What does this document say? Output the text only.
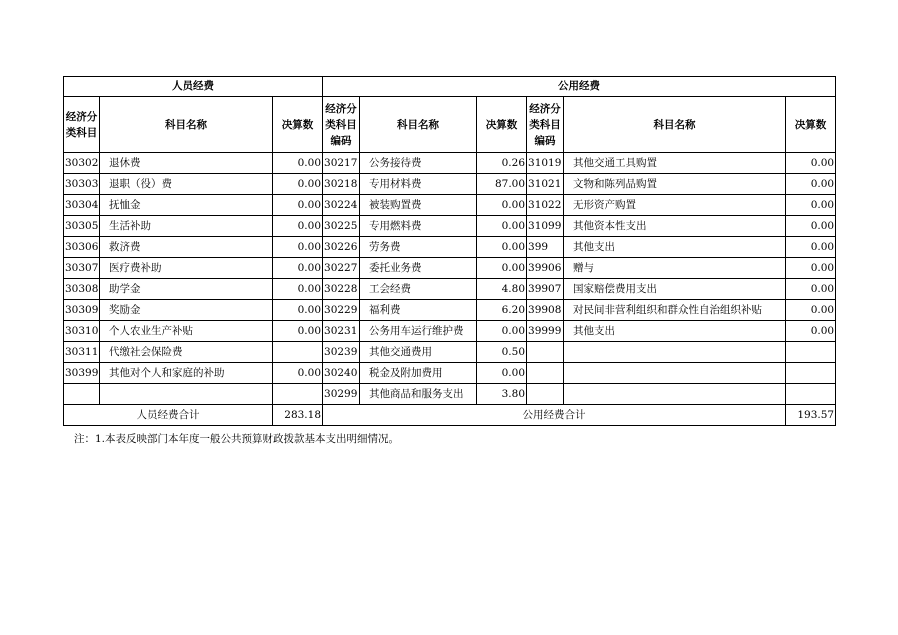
人员经费			公用经费					
经济分类科目	科目名称	决算数	经济分类科目编码	科目名称	决算数	经济分类科目编码	科目名称	决算数
30302	退休费	0.00	30217	公务接待费	0.26	31019	其他交通工具购置	0.00
30303	退职（役）费	0.00	30218	专用材料费	87.00	31021	文物和陈列品购置	0.00
30304	抚恤金	0.00	30224	被装购置费	0.00	31022	无形资产购置	0.00
30305	生活补助	0.00	30225	专用燃料费	0.00	31099	其他资本性支出	0.00
30306	救济费	0.00	30226	劳务费	0.00	399	其他支出	0.00
30307	医疗费补助	0.00	30227	委托业务费	0.00	39906	赠与	0.00
30308	助学金	0.00	30228	工会经费	4.80	39907	国家赔偿费用支出	0.00
30309	奖励金	0.00	30229	福利费	6.20	39908	对民间非营利组织和群众性自治组织补贴	0.00
30310	个人农业生产补贴	0.00	30231	公务用车运行维护费	0.00	39999	其他支出	0.00
30311	代缴社会保险费		30239	其他交通费用	0.50			
30399	其他对个人和家庭的补助	0.00	30240	税金及附加费用	0.00			
			30299	其他商品和服务支出	3.80			
人员经费合计		283.18	公用经费合计					193.57
注：1.本表反映部门本年度一般公共预算财政拨款基本支出明细情况。
